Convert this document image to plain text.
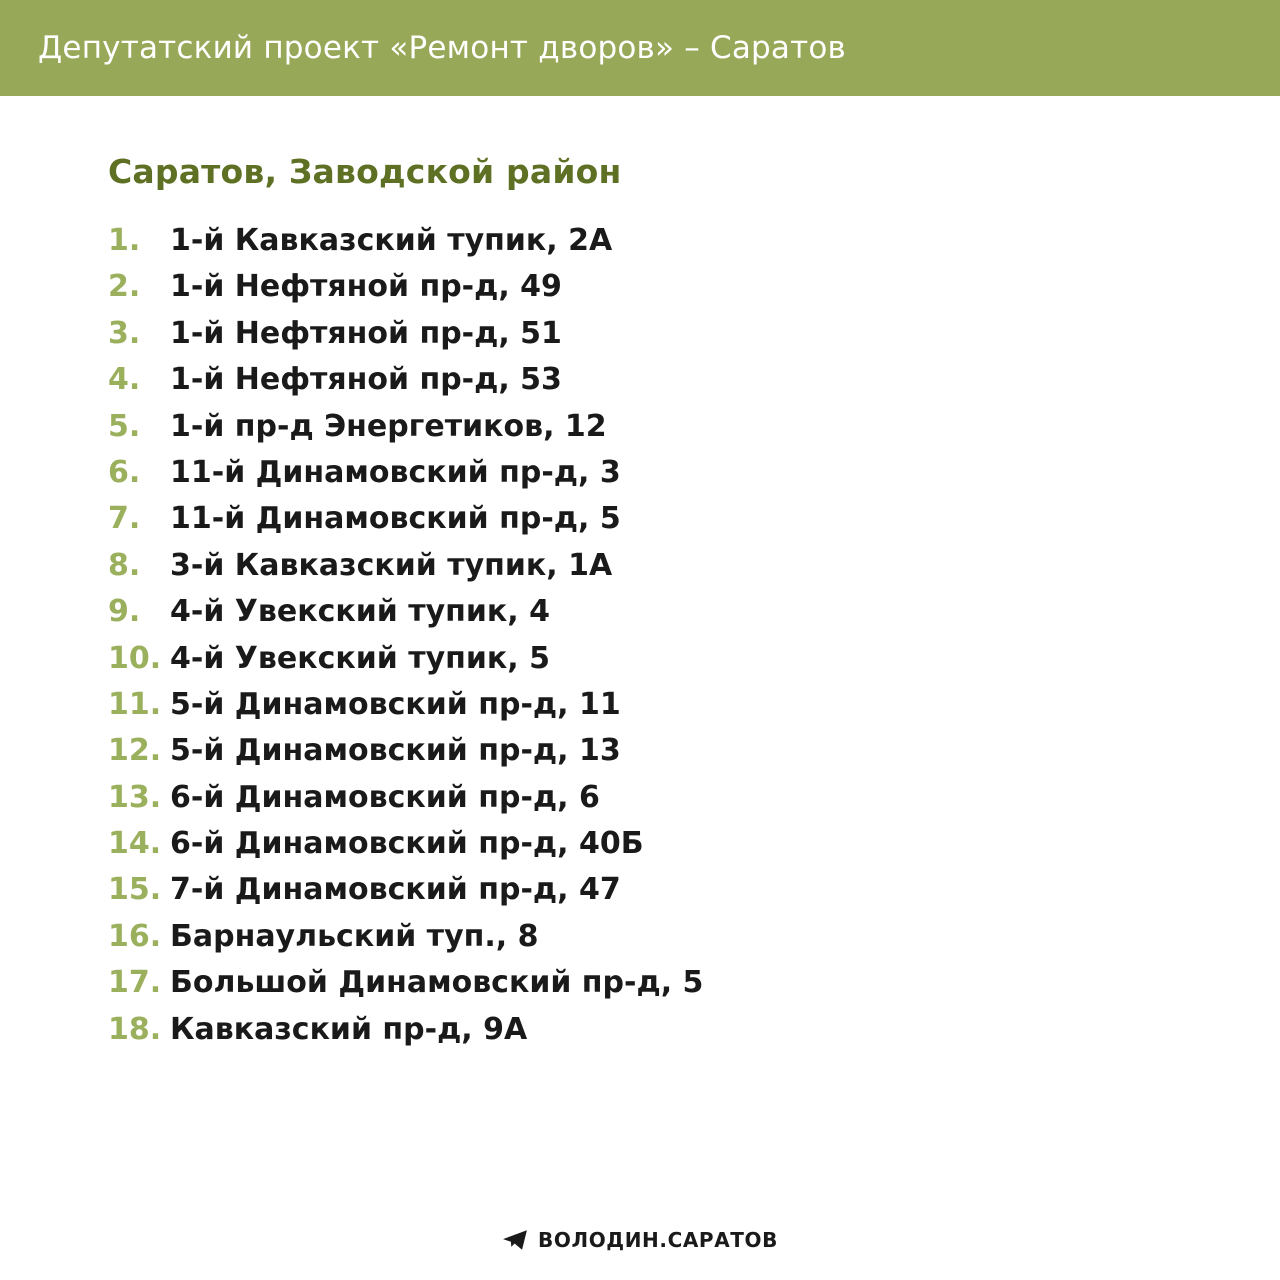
Депутатский проект «Ремонт дворов» – Саратов
Саратов, Заводской район
1. 1-й Кавказский тупик, 2А
2. 1-й Нефтяной пр-д, 49
3. 1-й Нефтяной пр-д, 51
4. 1-й Нефтяной пр-д, 53
5. 1-й пр-д Энергетиков, 12
6. 11-й Динамовский пр-д, 3
7. 11-й Динамовский пр-д, 5
8. 3-й Кавказский тупик, 1А
9. 4-й Увекский тупик, 4
10. 4-й Увекский тупик, 5
11. 5-й Динамовский пр-д, 11
12. 5-й Динамовский пр-д, 13
13. 6-й Динамовский пр-д, 6
14. 6-й Динамовский пр-д, 40Б
15. 7-й Динамовский пр-д, 47
16. Барнаульский туп., 8
17. Большой Динамовский пр-д, 5
18. Кавказский пр-д, 9А
ВОЛОДИН.САРАТОВ
